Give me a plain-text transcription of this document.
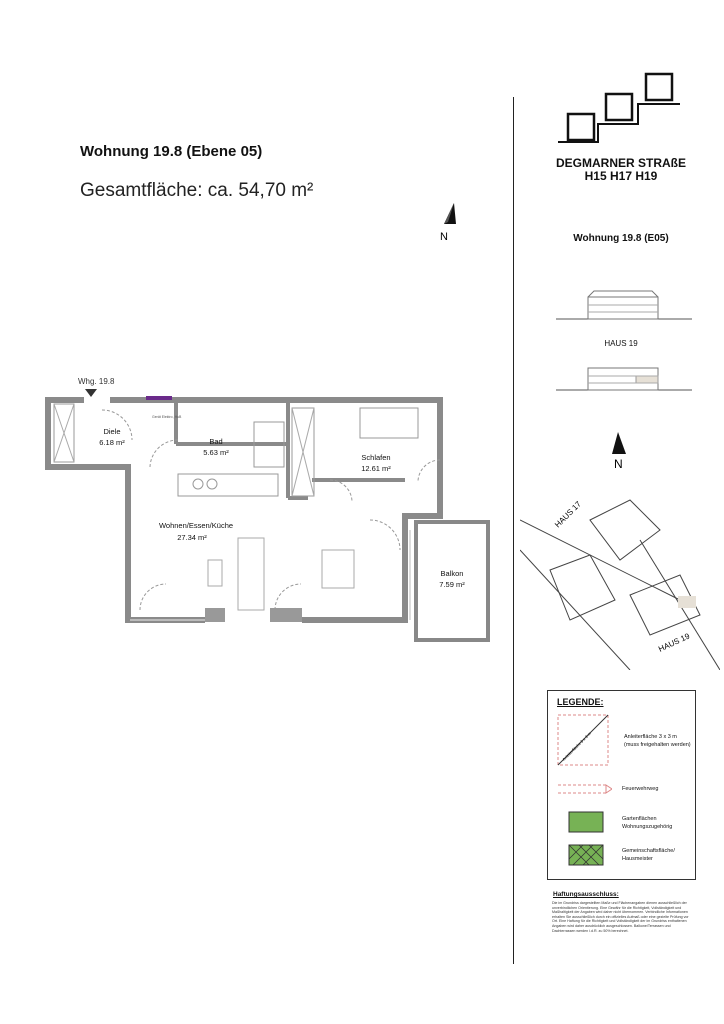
Wohnung 19.8 (Ebene 05)
Gesamtfläche: ca. 54,70 m²
N
Whg. 19.8
Diele
6.18 m²	Bad
5.63 m²
Schlafen
12.61 m²
Wohnen/Essen/Küche
27.34 m²
Balkon
7.59 m²
Gerät Elektro, HuB
DEGMARNER STRAßE
H15 H17 H19
Wohnung 19.8 (E05)
HAUS 19
N
HAUS 17
HAUS 19
LEGENDE:
Anleiterfläche 3 x 3 m	Anleiterfläche 3 x 3 m
(muss freigehalten werden)
Feuerwehrweg
Gartenflächen
Wohnungszugehörig
Gemeinschaftsfläche/
Hausmeister
Haftungsausschluss:
Die im Grundriss dargestellten Maße und Flächenangaben dienen ausschließlich der unverbindlichen Orientierung. Eine Gewähr für die Richtigkeit, Vollständigkeit und Maßhaltigkeit der Angaben wird daher nicht übernommen. Verbindliche Informationen erhalten Sie ausschließlich durch ein offizielles Aufmaß oder eine gezielte Prüfung vor Ort. Eine Haftung für die Richtigkeit und Vollständigkeit der im Grundriss enthaltenen Angaben wird daher ausdrücklich ausgeschlossen. Balkone/Terrassen und Dachterrassen werden i.d.R. zu 50% berechnet.
